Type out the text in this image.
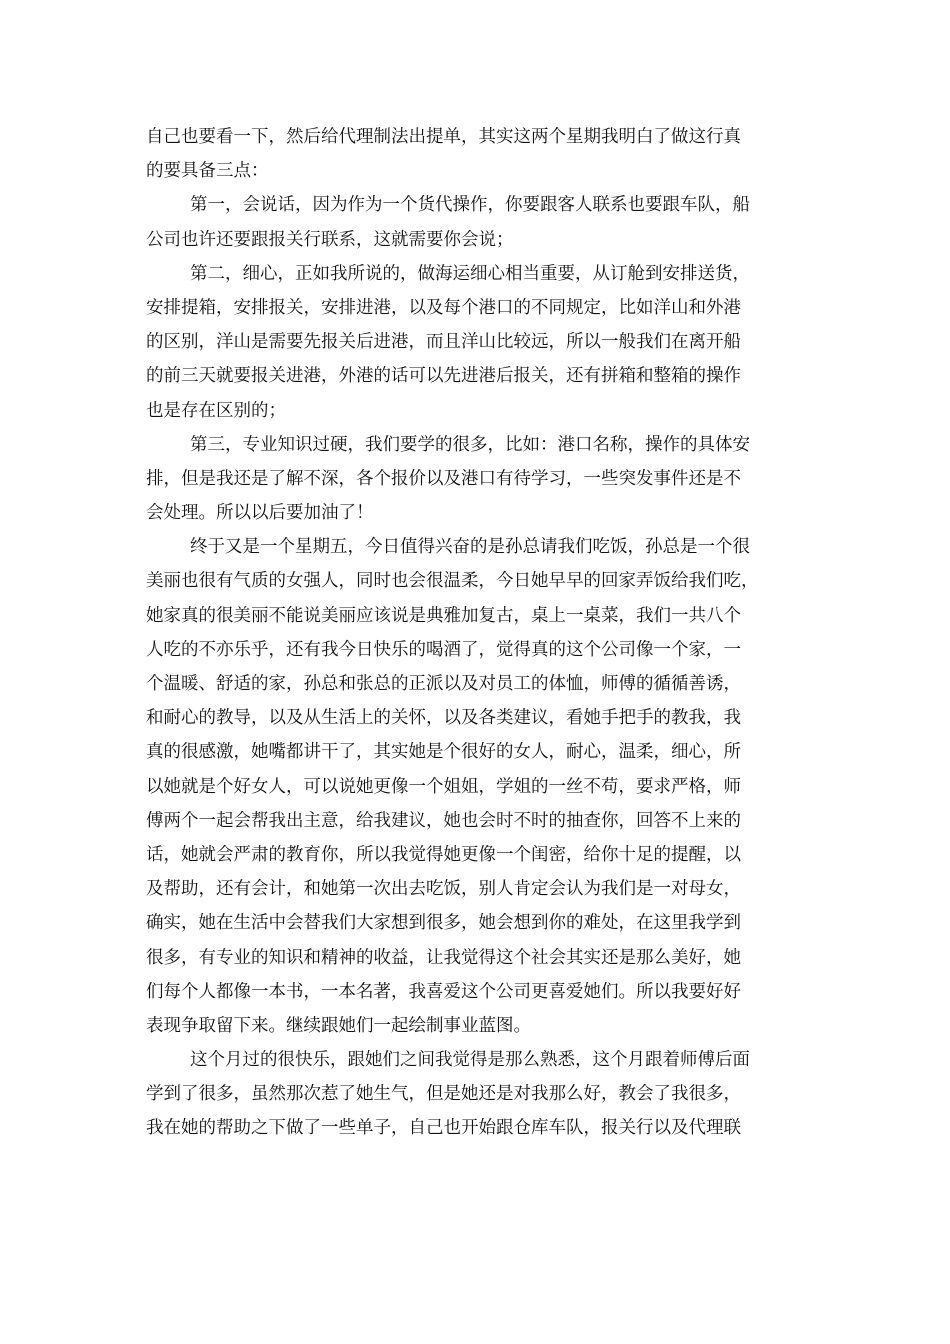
自己也要看一下，然后给代理制法出提单，其实这两个星期我明白了做这行真
的要具备三点：
第一，会说话，因为作为一个货代操作，你要跟客人联系也要跟车队，船
公司也许还要跟报关行联系，这就需要你会说；
第二，细心，正如我所说的，做海运细心相当重要，从订舱到安排送货，
安排提箱，安排报关，安排进港，以及每个港口的不同规定，比如洋山和外港
的区别，洋山是需要先报关后进港，而且洋山比较远，所以一般我们在离开船
的前三天就要报关进港，外港的话可以先进港后报关，还有拼箱和整箱的操作
也是存在区别的；
第三，专业知识过硬，我们要学的很多，比如：港口名称，操作的具体安
排，但是我还是了解不深，各个报价以及港口有待学习，一些突发事件还是不
会处理。所以以后要加油了！
终于又是一个星期五，今日值得兴奋的是孙总请我们吃饭，孙总是一个很
美丽也很有气质的女强人，同时也会很温柔，今日她早早的回家弄饭给我们吃，
她家真的很美丽不能说美丽应该说是典雅加复古，桌上一桌菜，我们一共八个
人吃的不亦乐乎，还有我今日快乐的喝酒了，觉得真的这个公司像一个家，一
个温暖、舒适的家，孙总和张总的正派以及对员工的体恤，师傅的循循善诱，
和耐心的教导，以及从生活上的关怀，以及各类建议，看她手把手的教我，我
真的很感激，她嘴都讲干了，其实她是个很好的女人，耐心，温柔，细心，所
以她就是个好女人，可以说她更像一个姐姐，学姐的一丝不苟，要求严格，师
傅两个一起会帮我出主意，给我建议，她也会时不时的抽查你，回答不上来的
话，她就会严肃的教育你，所以我觉得她更像一个闺密，给你十足的提醒，以
及帮助，还有会计，和她第一次出去吃饭，别人肯定会认为我们是一对母女，
确实，她在生活中会替我们大家想到很多，她会想到你的难处，在这里我学到
很多，有专业的知识和精神的收益，让我觉得这个社会其实还是那么美好，她
们每个人都像一本书，一本名著，我喜爱这个公司更喜爱她们。所以我要好好
表现争取留下来。继续跟她们一起绘制事业蓝图。
这个月过的很快乐，跟她们之间我觉得是那么熟悉，这个月跟着师傅后面
学到了很多，虽然那次惹了她生气，但是她还是对我那么好，教会了我很多，
我在她的帮助之下做了一些单子，自己也开始跟仓库车队，报关行以及代理联
